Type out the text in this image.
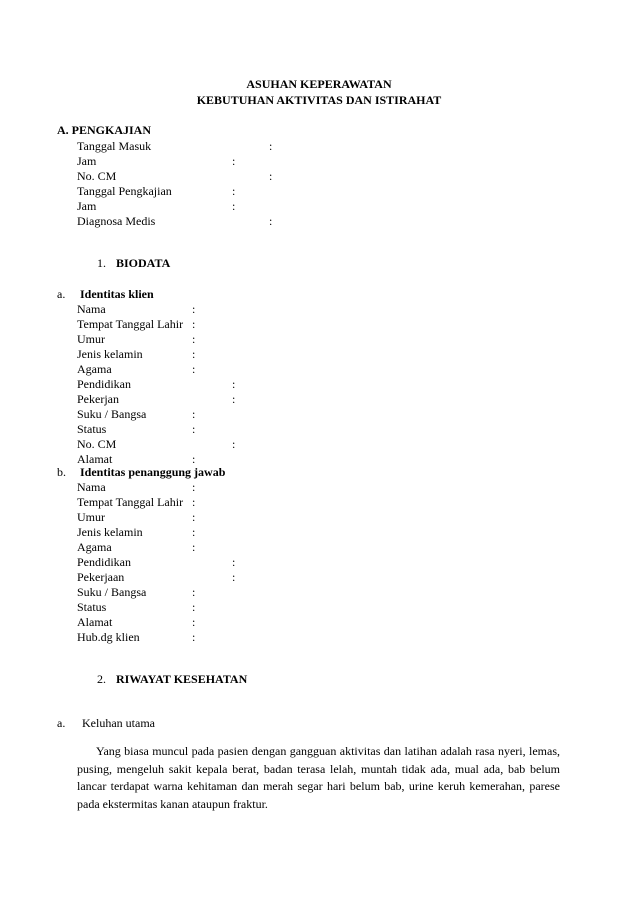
ASUHAN KEPERAWATAN
KEBUTUHAN AKTIVITAS DAN ISTIRAHAT
A. PENGKAJIAN
Tanggal Masuk	:
Jam	:
No. CM	:
Tanggal Pengkajian	:
Jam	:
Diagnosa Medis	:
1. BIODATA
a. Identitas klien
Nama	:
Tempat Tanggal Lahir :
Umur	:
Jenis kelamin	:
Agama	:
Pendidikan	:
Pekerjan	:
Suku / Bangsa	:
Status	:
No. CM	:
Alamat	:
b. Identitas penanggung jawab
Nama	:
Tempat Tanggal Lahir :
Umur	:
Jenis kelamin	:
Agama	:
Pendidikan	:
Pekerjaan	:
Suku / Bangsa	:
Status	:
Alamat	:
Hub.dg klien	:
2. RIWAYAT KESEHATAN
a. Keluhan utama
Yang biasa muncul pada pasien dengan gangguan aktivitas dan latihan adalah rasa nyeri, lemas, pusing, mengeluh sakit kepala berat, badan terasa lelah, muntah tidak ada, mual ada, bab belum lancar terdapat warna kehitaman dan merah segar hari belum bab, urine keruh kemerahan, parese pada ekstermitas kanan ataupun fraktur.
